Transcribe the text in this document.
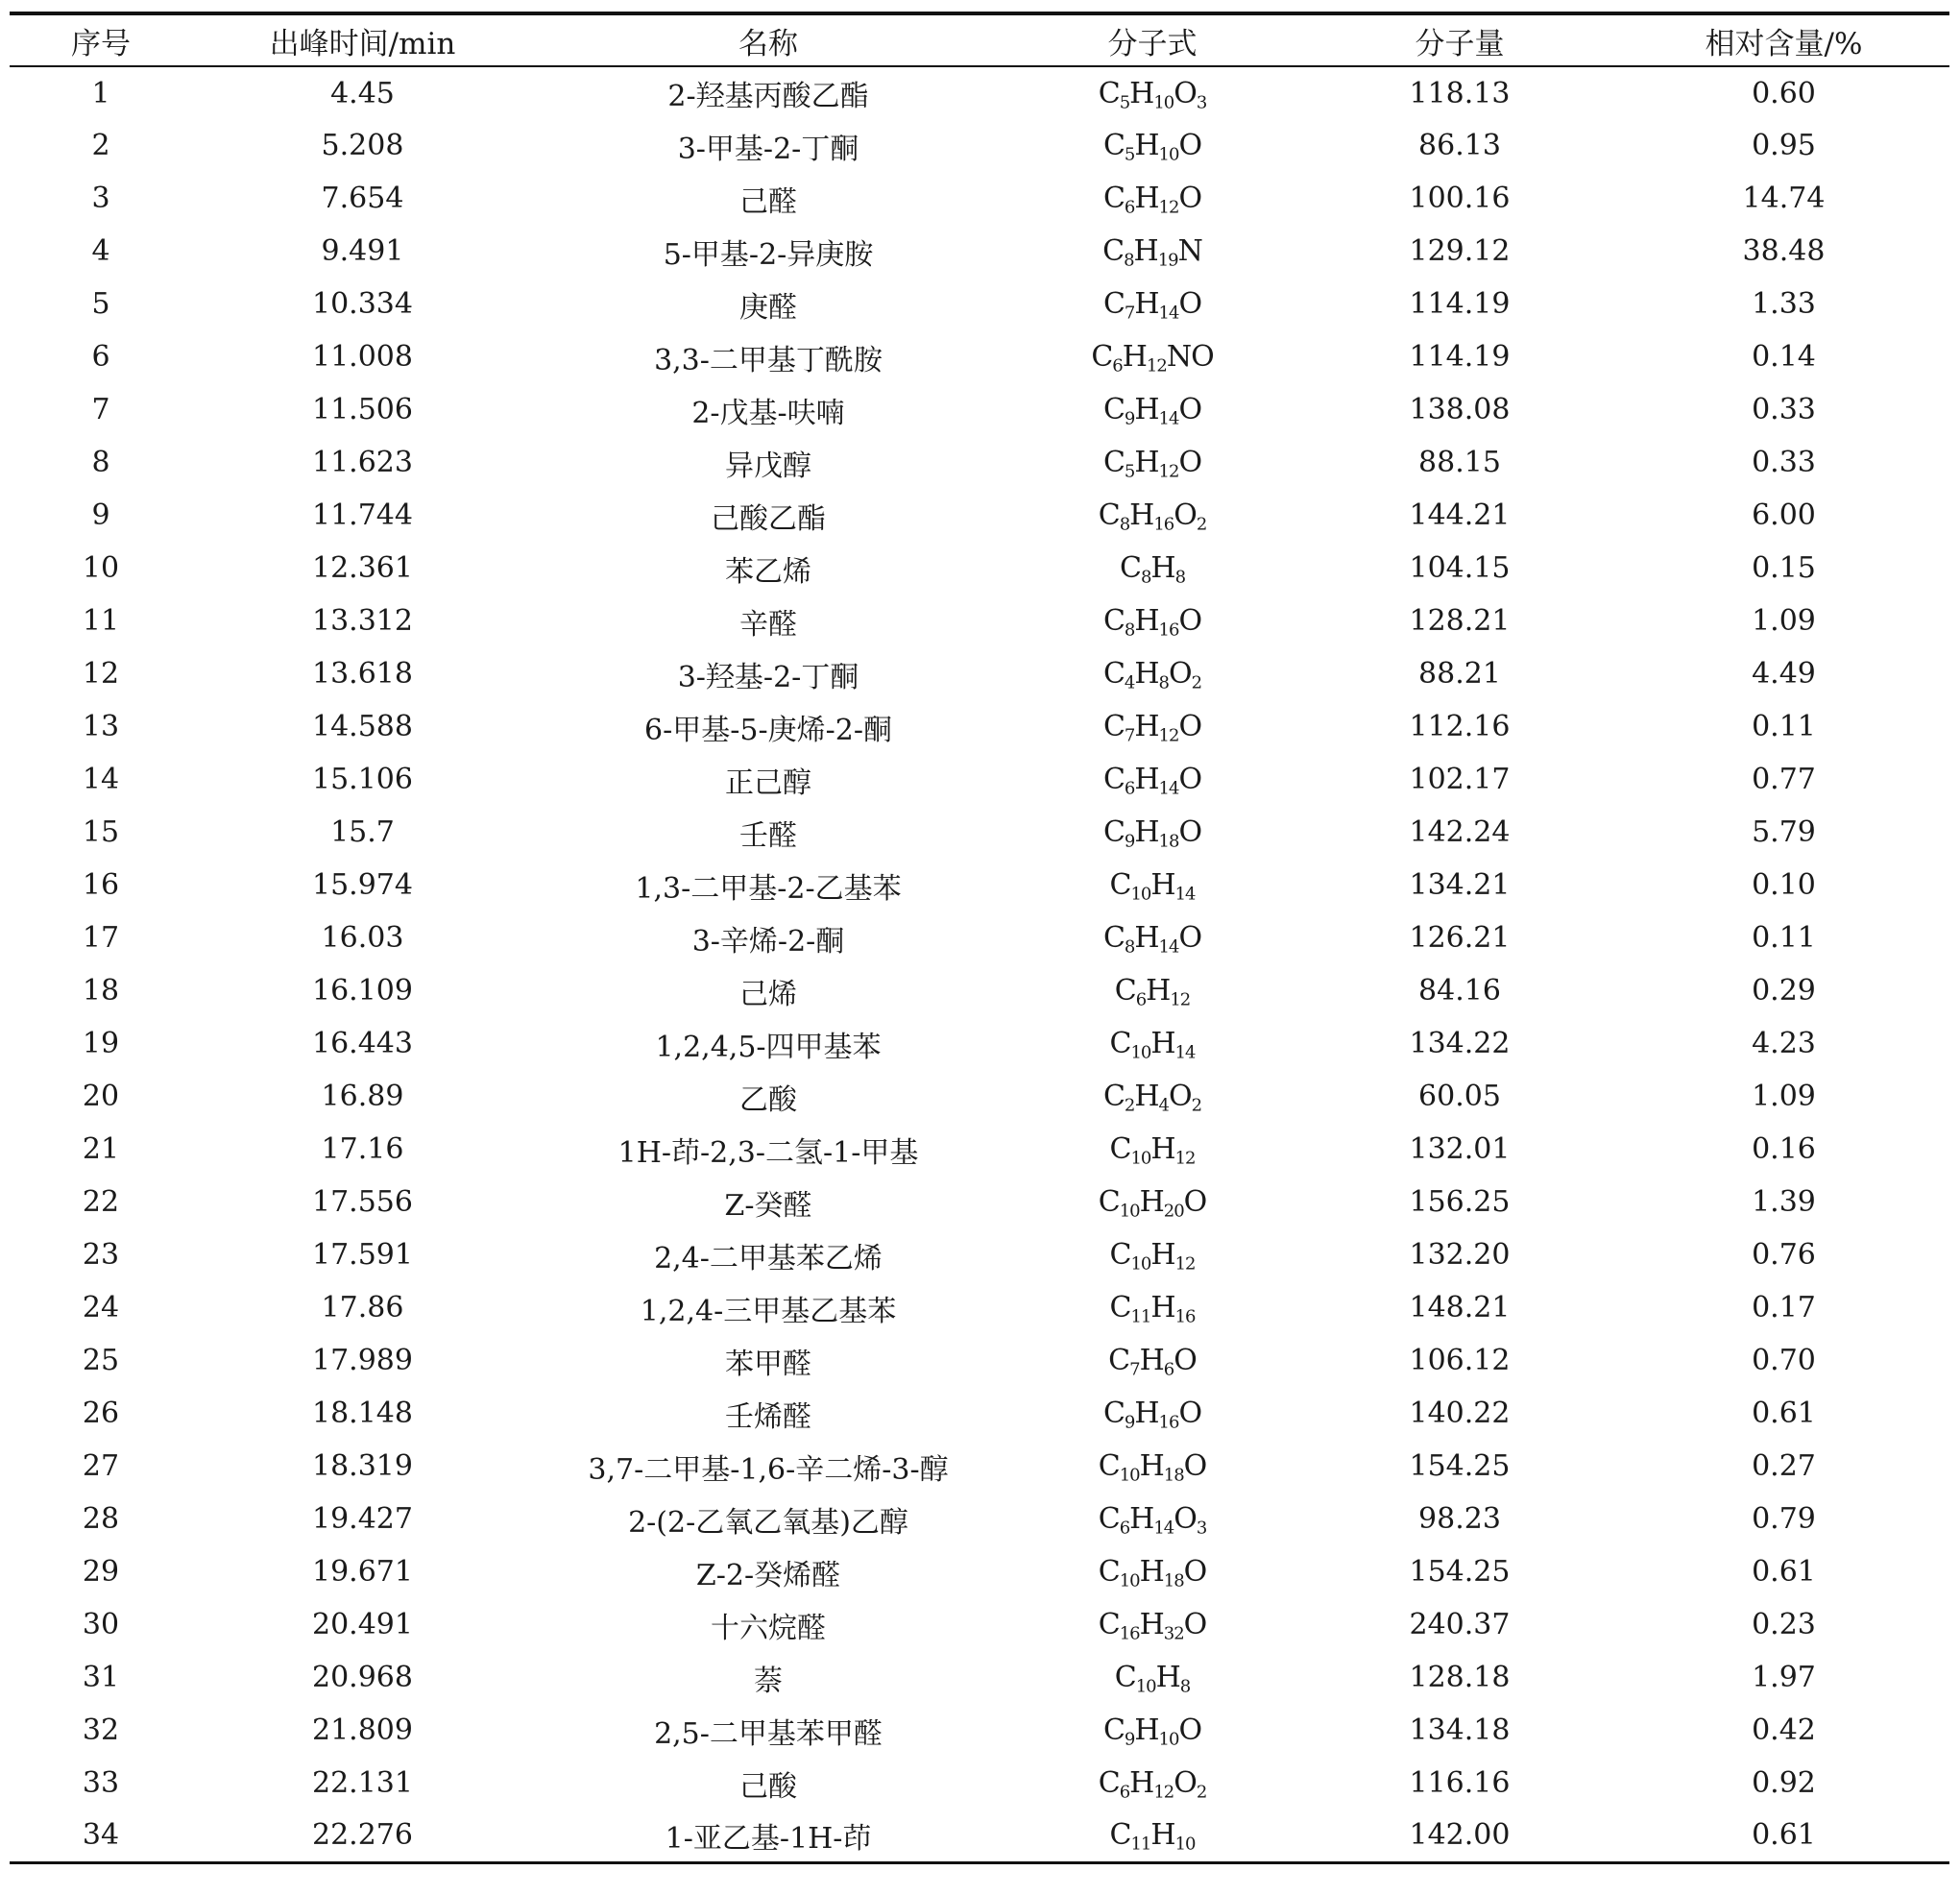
序号	出峰时间/min	名称	分子式	分子量	相对含量/%
1	4.45	2-羟基丙酸乙酯	$C_5H_{10}O_3$	118.13	0.60
2	5.208	3-甲基-2-丁酮	$C_5H_{10}O$	86.13	0.95
3	7.654	己醛	$C_6H_{12}O$	100.16	14.74
4	9.491	5-甲基-2-异庚胺	$C_8H_{19}N$	129.12	38.48
5	10.334	庚醛	$C_7H_{14}O$	114.19	1.33
6	11.008	3,3-二甲基丁酰胺	$C_6H_{12}NO$	114.19	0.14
7	11.506	2-戊基-呋喃	$C_9H_{14}O$	138.08	0.33
8	11.623	异戊醇	$C_5H_{12}O$	88.15	0.33
9	11.744	己酸乙酯	$C_8H_{16}O_2$	144.21	6.00
10	12.361	苯乙烯	$C_8H_8$	104.15	0.15
11	13.312	辛醛	$C_8H_{16}O$	128.21	1.09
12	13.618	3-羟基-2-丁酮	$C_4H_8O_2$	88.21	4.49
13	14.588	6-甲基-5-庚烯-2-酮	$C_7H_{12}O$	112.16	0.11
14	15.106	正己醇	$C_6H_{14}O$	102.17	0.77
15	15.7	壬醛	$C_9H_{18}O$	142.24	5.79
16	15.974	1,3-二甲基-2-乙基苯	$C_{10}H_{14}$	134.21	0.10
17	16.03	3-辛烯-2-酮	$C_8H_{14}O$	126.21	0.11
18	16.109	己烯	$C_6H_{12}$	84.16	0.29
19	16.443	1,2,4,5-四甲基苯	$C_{10}H_{14}$	134.22	4.23
20	16.89	乙酸	$C_2H_4O_2$	60.05	1.09
21	17.16	1H-茚-2,3-二氢-1-甲基	$C_{10}H_{12}$	132.01	0.16
22	17.556	Z-癸醛	$C_{10}H_{20}O$	156.25	1.39
23	17.591	2,4-二甲基苯乙烯	$C_{10}H_{12}$	132.20	0.76
24	17.86	1,2,4-三甲基乙基苯	$C_{11}H_{16}$	148.21	0.17
25	17.989	苯甲醛	$C_7H_6O$	106.12	0.70
26	18.148	壬烯醛	$C_9H_{16}O$	140.22	0.61
27	18.319	3,7-二甲基-1,6-辛二烯-3-醇	$C_{10}H_{18}O$	154.25	0.27
28	19.427	2-(2-乙氧乙氧基)乙醇	$C_6H_{14}O_3$	98.23	0.79
29	19.671	Z-2-癸烯醛	$C_{10}H_{18}O$	154.25	0.61
30	20.491	十六烷醛	$C_{16}H_{32}O$	240.37	0.23
31	20.968	萘	$C_{10}H_8$	128.18	1.97
32	21.809	2,5-二甲基苯甲醛	$C_9H_{10}O$	134.18	0.42
33	22.131	己酸	$C_6H_{12}O_2$	116.16	0.92
34	22.276	1-亚乙基-1H-茚	$C_{11}H_{10}$	142.00	0.61
